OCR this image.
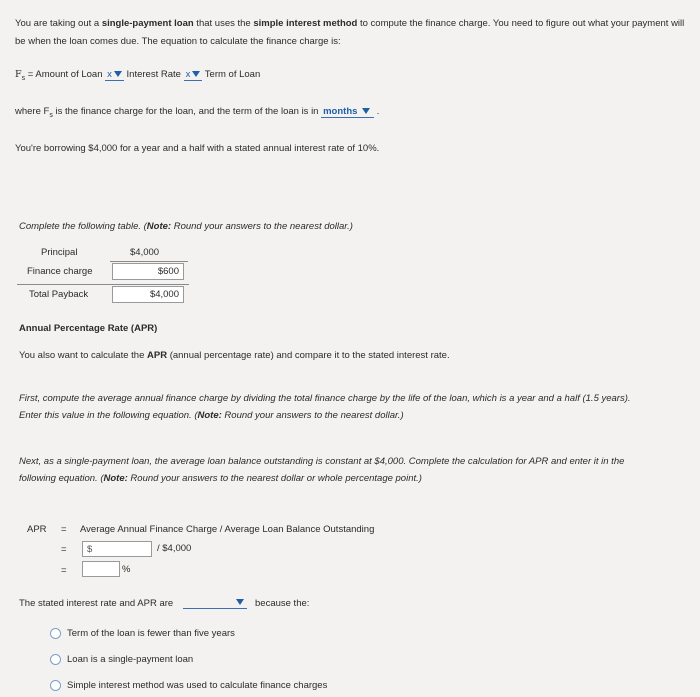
You are taking out a single-payment loan that uses the simple interest method to compute the finance charge. You need to figure out what your payment will be when the loan comes due. The equation to calculate the finance charge is:
$F_s$ = Amount of Loan x Interest Rate x Term of Loan
where $F_s$ is the finance charge for the loan, and the term of the loan is in months .
You're borrowing $4,000 for a year and a half with a stated annual interest rate of 10%.
Complete the following table. (Note: Round your answers to the nearest dollar.)
Principal	$4,000
Finance charge	$600
Total Payback	$4,000
Annual Percentage Rate (APR)
You also want to calculate the APR (annual percentage rate) and compare it to the stated interest rate.
First, compute the average annual finance charge by dividing the total finance charge by the life of the loan, which is a year and a half (1.5 years).
Enter this value in the following equation. (Note: Round your answers to the nearest dollar.)
Next, as a single-payment loan, the average loan balance outstanding is constant at $4,000. Complete the calculation for APR and enter it in the
following equation. (Note: Round your answers to the nearest dollar or whole percentage point.)
APR = Average Annual Finance Charge / Average Loan Balance Outstanding
=	$	/ $4,000
=	%
The stated interest rate and APR are	because the:
Term of the loan is fewer than five years
Loan is a single-payment loan
Simple interest method was used to calculate finance charges
